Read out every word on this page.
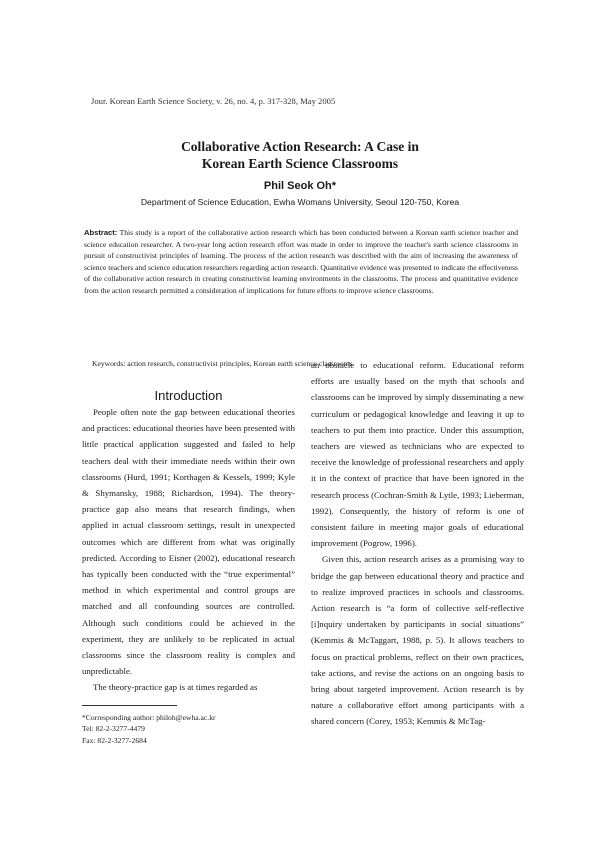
Jour. Korean Earth Science Society, v. 26, no. 4, p. 317-328, May 2005
Collaborative Action Research: A Case in
Korean Earth Science Classrooms
Phil Seok Oh*
Department of Science Education, Ewha Womans University, Seoul 120-750, Korea
Abstract: This study is a report of the collaborative action research which has been conducted between a Korean earth science teacher and science education researcher. A two-year long action research effort was made in order to improve the teacher's earth science classrooms in pursuit of constructivist principles of learning. The process of the action research was described with the aim of increasing the awareness of science teachers and science education researchers regarding action research. Quantitative evidence was presented to indicate the effectiveness of the collaborative action research in creating constructivist learning environments in the classrooms. The process and quantitative evidence from the action research permitted a consideration of implications for future efforts to improve science classrooms.
Keywords: action research, constructivist principles, Korean earth science classrooms

Introduction

People often note the gap between educational theories and practices: educational theories have been presented with little practical application suggested and failed to help teachers deal with their immediate needs within their own classrooms (Hurd, 1991; Korthagen & Kessels, 1999; Kyle & Shymansky, 1988; Richardson, 1994). The theory-practice gap also means that research findings, when applied in actual classroom settings, result in unexpected outcomes which are different from what was originally predicted. According to Eisner (2002), educational research has typically been conducted with the “true experimental” method in which experimental and control groups are matched and all confounding sources are controlled. Although such conditions could be achieved in the experiment, they are unlikely to be replicated in actual classrooms since the classroom reality is complex and unpredictable.

The theory-practice gap is at times regarded as

an obstacle to educational reform. Educational reform efforts are usually based on the myth that schools and classrooms can be improved by simply disseminating a new curriculum or pedagogical knowledge and leaving it up to teachers to put them into practice. Under this assumption, teachers are viewed as technicians who are expected to receive the knowledge of professional researchers and apply it in the context of practice that have been ignored in the research process (Cochran-Smith & Lytle, 1993; Lieberman, 1992). Consequently, the history of reform is one of consistent failure in meeting major goals of educational improvement (Pogrow, 1996).

Given this, action research arises as a promising way to bridge the gap between educational theory and practice and to realize improved practices in schools and classrooms. Action research is “a form of collective self-reflective [i]nquiry undertaken by participants in social situations” (Kemmis & McTaggart, 1988, p. 5). It allows teachers to focus on practical problems, reflect on their own practices, take actions, and revise the actions on an ongoing basis to bring about targeted improvement. Action research is by nature a collaborative effort among participants with a shared concern (Corey, 1953; Kemmis & McTag-

*Corresponding author: philoh@ewha.ac.kr
Tel: 82-2-3277-4479
Fax: 82-2-3277-2684
